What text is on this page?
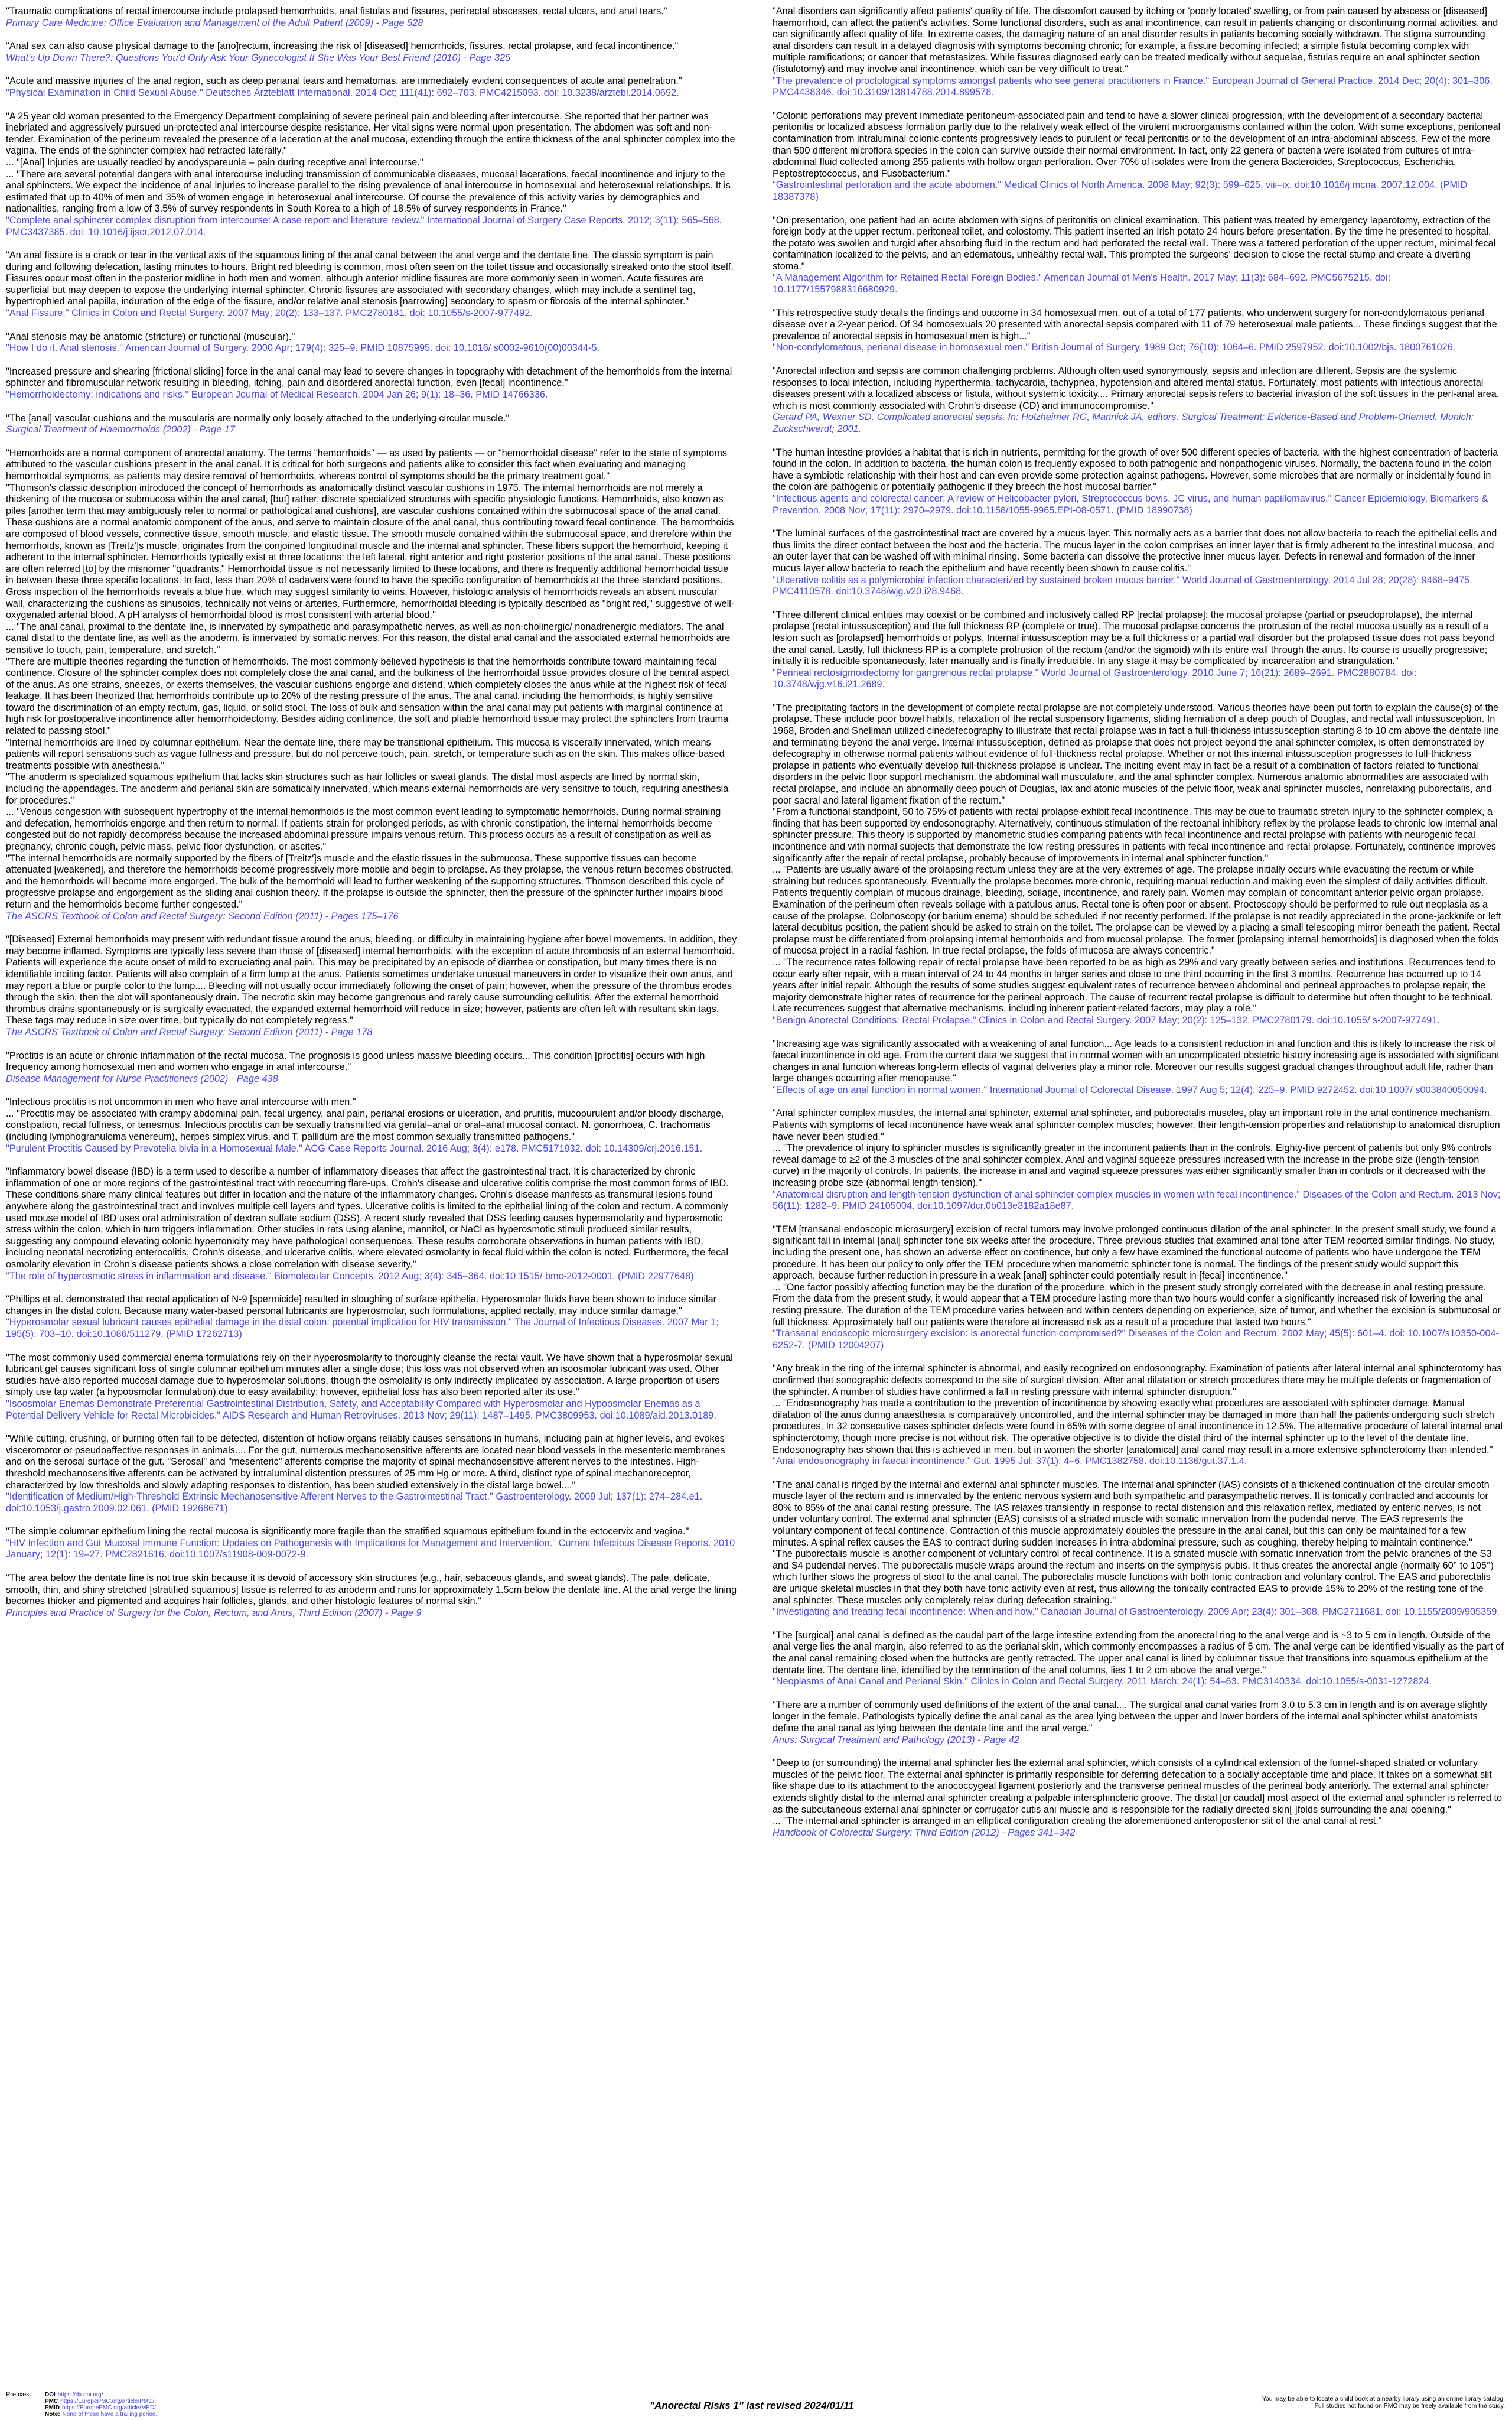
"Traumatic complications of rectal intercourse include prolapsed hemorrhoids, anal fistulas and fissures, perirectal abscesses, rectal ulcers, and anal tears."

Primary Care Medicine: Office Evaluation and Management of the Adult Patient (2009) - Page 528

"Anal sex can also cause physical damage to the [ano]rectum, increasing the risk of [diseased] hemorrhoids, fissures, rectal prolapse, and fecal incontinence."

What's Up Down There?: Questions You'd Only Ask Your Gynecologist If She Was Your Best Friend (2010) - Page 325

"Acute and massive injuries of the anal region, such as deep perianal tears and hematomas, are immediately evident consequences of acute anal penetration."

"Physical Examination in Child Sexual Abuse." Deutsches Ärzteblatt International. 2014 Oct; 111(41): 692–703. PMC4215093. doi: 10.3238/arztebl.2014.0692.

"A 25 year old woman presented to the Emergency Department complaining of severe perineal pain and bleeding after intercourse. She reported that her partner was inebriated and aggressively pursued un-protected anal intercourse despite resistance. Her vital signs were normal upon presentation. The abdomen was soft and non-tender. Examination of the perineum revealed the presence of a laceration at the anal mucosa, extending through the entire thickness of the anal sphincter complex into the vagina. The ends of the sphincter complex had retracted laterally."
... "[Anal] Injuries are usually readied by anodyspareunia – pain during receptive anal intercourse."
... "There are several potential dangers with anal intercourse including transmission of communicable diseases, mucosal lacerations, faecal incontinence and injury to the anal sphincters. We expect the incidence of anal injuries to increase parallel to the rising prevalence of anal intercourse in homosexual and heterosexual relationships. It is estimated that up to 40% of men and 35% of women engage in heterosexual anal intercourse. Of course the prevalence of this activity varies by demographics and nationalities, ranging from a low of 3.5% of survey respondents in South Korea to a high of 18.5% of survey respondents in France."

"Complete anal sphincter complex disruption from intercourse: A case report and literature review." International Journal of Surgery Case Reports. 2012; 3(11): 565–568. PMC3437385. doi: 10.1016/j.ijscr.2012.07.014.

"An anal fissure is a crack or tear in the vertical axis of the squamous lining of the anal canal between the anal verge and the dentate line. The classic symptom is pain during and following defecation, lasting minutes to hours. Bright red bleeding is common, most often seen on the toilet tissue and occasionally streaked onto the stool itself. Fissures occur most often in the posterior midline in both men and women, although anterior midline fissures are more commonly seen in women. Acute fissures are superficial but may deepen to expose the underlying internal sphincter. Chronic fissures are associated with secondary changes, which may include a sentinel tag, hypertrophied anal papilla, induration of the edge of the fissure, and/or relative anal stenosis [narrowing] secondary to spasm or fibrosis of the internal sphincter."

"Anal Fissure." Clinics in Colon and Rectal Surgery. 2007 May; 20(2): 133–137. PMC2780181. doi: 10.1055/s-2007-977492.

"Anal stenosis may be anatomic (stricture) or functional (muscular)."

"How I do it. Anal stenosis." American Journal of Surgery. 2000 Apr; 179(4): 325–9. PMID 10875995. doi: 10.1016/ s0002-9610(00)00344-5.

"Increased pressure and shearing [frictional sliding] force in the anal canal may lead to severe changes in topography with detachment of the hemorrhoids from the internal sphincter and fibromuscular network resulting in bleeding, itching, pain and disordered anorectal function, even [fecal] incontinence."

"Hemorrhoidectomy: indications and risks." European Journal of Medical Research. 2004 Jan 26; 9(1): 18–36. PMID 14766336.

"The [anal] vascular cushions and the muscularis are normally only loosely attached to the underlying circular muscle."

Surgical Treatment of Haemorrhoids (2002) - Page 17

"Hemorrhoids are a normal component of anorectal anatomy. The terms "hemorrhoids" — as used by patients — or "hemorrhoidal disease" refer to the state of symptoms attributed to the vascular cushions present in the anal canal. It is critical for both surgeons and patients alike to consider this fact when evaluating and managing hemorrhoidal symptoms, as patients may desire removal of hemorrhoids, whereas control of symptoms should be the primary treatment goal."
"Thomson's classic description introduced the concept of hemorrhoids as anatomically distinct vascular cushions in 1975. The internal hemorrhoids are not merely a thickening of the mucosa or submucosa within the anal canal, [but] rather, discrete specialized structures with specific physiologic functions. Hemorrhoids, also known as piles [another term that may ambiguously refer to normal or pathological anal cushions], are vascular cushions contained within the submucosal space of the anal canal. These cushions are a normal anatomic component of the anus, and serve to maintain closure of the anal canal, thus contributing toward fecal continence. The hemorrhoids are composed of blood vessels, connective tissue, smooth muscle, and elastic tissue. The smooth muscle contained within the submucosal space, and therefore within the hemorrhoids, known as [Treitz']s muscle, originates from the conjoined longitudinal muscle and the internal anal sphincter. These fibers support the hemorrhoid, keeping it adherent to the internal sphincter. Hemorrhoids typically exist at three locations: the left lateral, right anterior and right posterior positions of the anal canal. These positions are often referred [to] by the misnomer "quadrants." Hemorrhoidal tissue is not necessarily limited to these locations, and there is frequently additional hemorrhoidal tissue in between these three specific locations. In fact, less than 20% of cadavers were found to have the specific configuration of hemorrhoids at the three standard positions. Gross inspection of the hemorrhoids reveals a blue hue, which may suggest similarity to veins. However, histologic analysis of hemorrhoids reveals an absent muscular wall, characterizing the cushions as sinusoids, technically not veins or arteries. Furthermore, hemorrhoidal bleeding is typically described as "bright red," suggestive of well-oxygenated arterial blood. A pH analysis of hemorrhoidal blood is most consistent with arterial blood."
... "The anal canal, proximal to the dentate line, is innervated by sympathetic and parasympathetic nerves, as well as non-cholinergic/ nonadrenergic mediators. The anal canal distal to the dentate line, as well as the anoderm, is innervated by somatic nerves. For this reason, the distal anal canal and the associated external hemorrhoids are sensitive to touch, pain, temperature, and stretch."
"There are multiple theories regarding the function of hemorrhoids. The most commonly believed hypothesis is that the hemorrhoids contribute toward maintaining fecal continence. Closure of the sphincter complex does not completely close the anal canal, and the bulkiness of the hemorrhoidal tissue provides closure of the central aspect of the anus. As one strains, sneezes, or exerts themselves, the vascular cushions engorge and distend, which completely closes the anus while at the highest risk of fecal leakage. It has been theorized that hemorrhoids contribute up to 20% of the resting pressure of the anus. The anal canal, including the hemorrhoids, is highly sensitive toward the discrimination of an empty rectum, gas, liquid, or solid stool. The loss of bulk and sensation within the anal canal may put patients with marginal continence at high risk for postoperative incontinence after hemorrhoidectomy. Besides aiding continence, the soft and pliable hemorrhoid tissue may protect the sphincters from trauma related to passing stool."
"Internal hemorrhoids are lined by columnar epithelium. Near the dentate line, there may be transitional epithelium. This mucosa is viscerally innervated, which means patients will report sensations such as vague fullness and pressure, but do not perceive touch, pain, stretch, or temperature such as on the skin. This makes office-based treatments possible with anesthesia."
"The anoderm is specialized squamous epithelium that lacks skin structures such as hair follicles or sweat glands. The distal most aspects are lined by normal skin, including the appendages. The anoderm and perianal skin are somatically innervated, which means external hemorrhoids are very sensitive to touch, requiring anesthesia for procedures."
... "Venous congestion with subsequent hypertrophy of the internal hemorrhoids is the most common event leading to symptomatic hemorrhoids. During normal straining and defecation, hemorrhoids engorge and then return to normal. If patients strain for prolonged periods, as with chronic constipation, the internal hemorrhoids become congested but do not rapidly decompress because the increased abdominal pressure impairs venous return. This process occurs as a result of constipation as well as pregnancy, chronic cough, pelvic mass, pelvic floor dysfunction, or ascites."
"The internal hemorrhoids are normally supported by the fibers of [Treitz']s muscle and the elastic tissues in the submucosa. These supportive tissues can become attenuated [weakened], and therefore the hemorrhoids become progressively more mobile and begin to prolapse. As they prolapse, the venous return becomes obstructed, and the hemorrhoids will become more engorged. The bulk of the hemorrhoid will lead to further weakening of the supporting structures. Thomson described this cycle of progressive prolapse and engorgement as the sliding anal cushion theory. If the prolapse is outside the sphincter, then the pressure of the sphincter further impairs blood return and the hemorrhoids become further congested."

The ASCRS Textbook of Colon and Rectal Surgery: Second Edition (2011) - Pages 175–176

"[Diseased] External hemorrhoids may present with redundant tissue around the anus, bleeding, or difficulty in maintaining hygiene after bowel movements. In addition, they may become inflamed. Symptoms are typically less severe than those of [diseased] internal hemorrhoids, with the exception of acute thrombosis of an external hemorrhoid. Patients will experience the acute onset of mild to excruciating anal pain. This may be precipitated by an episode of diarrhea or constipation, but many times there is no identifiable inciting factor. Patients will also complain of a firm lump at the anus. Patients sometimes undertake unusual maneuvers in order to visualize their own anus, and may report a blue or purple color to the lump.... Bleeding will not usually occur immediately following the onset of pain; however, when the pressure of the thrombus erodes through the skin, then the clot will spontaneously drain. The necrotic skin may become gangrenous and rarely cause surrounding cellulitis. After the external hemorrhoid thrombus drains spontaneously or is surgically evacuated, the expanded external hemorrhoid will reduce in size; however, patients are often left with resultant skin tags. These tags may reduce in size over time, but typically do not completely regress."

The ASCRS Textbook of Colon and Rectal Surgery: Second Edition (2011) - Page 178

"Proctitis is an acute or chronic inflammation of the rectal mucosa. The prognosis is good unless massive bleeding occurs... This condition [proctitis] occurs with high frequency among homosexual men and women who engage in anal intercourse."

Disease Management for Nurse Practitioners (2002) - Page 438

"Infectious proctitis is not uncommon in men who have anal intercourse with men."
... "Proctitis may be associated with crampy abdominal pain, fecal urgency, anal pain, perianal erosions or ulceration, and pruritis, mucopurulent and/or bloody discharge, constipation, rectal fullness, or tenesmus. Infectious proctitis can be sexually transmitted via genital–anal or oral–anal mucosal contact. N. gonorrhoea, C. trachomatis (including lymphogranuloma venereum), herpes simplex virus, and T. pallidum are the most common sexually transmitted pathogens."

"Purulent Proctitis Caused by Prevotella bivia in a Homosexual Male." ACG Case Reports Journal. 2016 Aug; 3(4): e178. PMC5171932. doi: 10.14309/crj.2016.151.

"Inflammatory bowel disease (IBD) is a term used to describe a number of inflammatory diseases that affect the gastrointestinal tract. It is characterized by chronic inflammation of one or more regions of the gastrointestinal tract with reoccurring flare-ups. Crohn's disease and ulcerative colitis comprise the most common forms of IBD. These conditions share many clinical features but differ in location and the nature of the inflammatory changes. Crohn's disease manifests as transmural lesions found anywhere along the gastrointestinal tract and involves multiple cell layers and types. Ulcerative colitis is limited to the epithelial lining of the colon and rectum. A commonly used mouse model of IBD uses oral administration of dextran sulfate sodium (DSS). A recent study revealed that DSS feeding causes hyperosmolarity and hyperosmotic stress within the colon, which in turn triggers inflammation. Other studies in rats using alanine, mannitol, or NaCl as hyperosmotic stimuli produced similar results, suggesting any compound elevating colonic hypertonicity may have pathological consequences. These results corroborate observations in human patients with IBD, including neonatal necrotizing enterocolitis, Crohn's disease, and ulcerative colitis, where elevated osmolarity in fecal fluid within the colon is noted. Furthermore, the fecal osmolarity elevation in Crohn's disease patients shows a close correlation with disease severity."

"The role of hyperosmotic stress in inflammation and disease." Biomolecular Concepts. 2012 Aug; 3(4): 345–364. doi:10.1515/ bmc-2012-0001. (PMID 22977648)

"Phillips et al. demonstrated that rectal application of N-9 [spermicide] resulted in sloughing of surface epithelia. Hyperosmolar fluids have been shown to induce similar changes in the distal colon. Because many water-based personal lubricants are hyperosmolar, such formulations, applied rectally, may induce similar damage."

"Hyperosmolar sexual lubricant causes epithelial damage in the distal colon: potential implication for HIV transmission." The Journal of Infectious Diseases. 2007 Mar 1; 195(5): 703–10. doi:10.1086/511279. (PMID 17262713)

"The most commonly used commercial enema formulations rely on their hyperosmolarity to thoroughly cleanse the rectal vault. We have shown that a hyperosmolar sexual lubricant gel causes significant loss of single columnar epithelium minutes after a single dose; this loss was not observed when an isoosmolar lubricant was used. Other studies have also reported mucosal damage due to hyperosmolar solutions, though the osmolality is only indirectly implicated by association. A large proportion of users simply use tap water (a hypoosmolar formulation) due to easy availability; however, epithelial loss has also been reported after its use."

"Isoosmolar Enemas Demonstrate Preferential Gastrointestinal Distribution, Safety, and Acceptability Compared with Hyperosmolar and Hypoosmolar Enemas as a Potential Delivery Vehicle for Rectal Microbicides." AIDS Research and Human Retroviruses. 2013 Nov; 29(11): 1487–1495. PMC3809953. doi:10.1089/aid.2013.0189.

"While cutting, crushing, or burning often fail to be detected, distention of hollow organs reliably causes sensations in humans, including pain at higher levels, and evokes visceromotor or pseudoaffective responses in animals.... For the gut, numerous mechanosensitive afferents are located near blood vessels in the mesenteric membranes and on the serosal surface of the gut. "Serosal" and "mesenteric" afferents comprise the majority of spinal mechanosensitive afferent nerves to the intestines. High-threshold mechanosensitive afferents can be activated by intraluminal distention pressures of 25 mm Hg or more. A third, distinct type of spinal mechanoreceptor, characterized by low thresholds and slowly adapting responses to distention, has been studied extensively in the distal large bowel...."

"Identification of Medium/High-Threshold Extrinsic Mechanosensitive Afferent Nerves to the Gastrointestinal Tract." Gastroenterology. 2009 Jul; 137(1): 274–284.e1. doi:10.1053/j.gastro.2009.02.061. (PMID 19268671)

"The simple columnar epithelium lining the rectal mucosa is significantly more fragile than the stratified squamous epithelium found in the ectocervix and vagina."

"HIV Infection and Gut Mucosal Immune Function: Updates on Pathogenesis with Implications for Management and Intervention." Current Infectious Disease Reports. 2010 January; 12(1): 19–27. PMC2821616. doi:10.1007/s11908-009-0072-9.

"The area below the dentate line is not true skin because it is devoid of accessory skin structures (e.g., hair, sebaceous glands, and sweat glands). The pale, delicate, smooth, thin, and shiny stretched [stratified squamous] tissue is referred to as anoderm and runs for approximately 1.5cm below the dentate line. At the anal verge the lining becomes thicker and pigmented and acquires hair follicles, glands, and other histologic features of normal skin."

Principles and Practice of Surgery for the Colon, Rectum, and Anus, Third Edition (2007) - Page 9

"Anal disorders can significantly affect patients' quality of life. The discomfort caused by itching or 'poorly located' swelling, or from pain caused by abscess or [diseased] haemorrhoid, can affect the patient's activities. Some functional disorders, such as anal incontinence, can result in patients changing or discontinuing normal activities, and can significantly affect quality of life. In extreme cases, the damaging nature of an anal disorder results in patients becoming socially withdrawn. The stigma surrounding anal disorders can result in a delayed diagnosis with symptoms becoming chronic; for example, a fissure becoming infected; a simple fistula becoming complex with multiple ramifications; or cancer that metastasizes. While fissures diagnosed early can be treated medically without sequelae, fistulas require an anal sphincter section (fistulotomy) and may involve anal incontinence, which can be very difficult to treat."

"The prevalence of proctological symptoms amongst patients who see general practitioners in France." European Journal of General Practice. 2014 Dec; 20(4): 301–306. PMC4438346. doi:10.3109/13814788.2014.899578.

"Colonic perforations may prevent immediate peritoneum-associated pain and tend to have a slower clinical progression, with the development of a secondary bacterial peritonitis or localized abscess formation partly due to the relatively weak effect of the virulent microorganisms contained within the colon. With some exceptions, peritoneal contamination from intraluminal colonic contents progressively leads to purulent or fecal peritonitis or to the development of an intra-abdominal abscess. Few of the more than 500 different microflora species in the colon can survive outside their normal environment. In fact, only 22 genera of bacteria were isolated from cultures of intra-abdominal fluid collected among 255 patients with hollow organ perforation. Over 70% of isolates were from the genera Bacteroides, Streptococcus, Escherichia, Peptostreptococcus, and Fusobacterium."

"Gastrointestinal perforation and the acute abdomen." Medical Clinics of North America. 2008 May; 92(3): 599–625, viii–ix. doi:10.1016/j.mcna. 2007.12.004. (PMID 18387378)

"On presentation, one patient had an acute abdomen with signs of peritonitis on clinical examination. This patient was treated by emergency laparotomy, extraction of the foreign body at the upper rectum, peritoneal toilet, and colostomy. This patient inserted an Irish potato 24 hours before presentation. By the time he presented to hospital, the potato was swollen and turgid after absorbing fluid in the rectum and had perforated the rectal wall. There was a tattered perforation of the upper rectum, minimal fecal contamination localized to the pelvis, and an edematous, unhealthy rectal wall. This prompted the surgeons' decision to close the rectal stump and create a diverting stoma."

"A Management Algorithm for Retained Rectal Foreign Bodies." American Journal of Men's Health. 2017 May; 11(3): 684–692. PMC5675215. doi: 10.1177/1557988316680929.

"This retrospective study details the findings and outcome in 34 homosexual men, out of a total of 177 patients, who underwent surgery for non-condylomatous perianal disease over a 2-year period. Of 34 homosexuals 20 presented with anorectal sepsis compared with 11 of 79 heterosexual male patients... These findings suggest that the prevalence of anorectal sepsis in homosexual men is high..."

"Non-condylomatous, perianal disease in homosexual men." British Journal of Surgery. 1989 Oct; 76(10): 1064–6. PMID 2597952. doi:10.1002/bjs. 1800761026.

"Anorectal infection and sepsis are common challenging problems. Although often used synonymously, sepsis and infection are different. Sepsis are the systemic responses to local infection, including hyperthermia, tachycardia, tachypnea, hypotension and altered mental status. Fortunately, most patients with infectious anorectal diseases present with a localized abscess or fistula, without systemic toxicity.... Primary anorectal sepsis refers to bacterial invasion of the soft tissues in the peri-anal area, which is most commonly associated with Crohn's disease (CD) and immunocompromise."

Gerard PA, Wexner SD. Complicated anorectal sepsis. In: Holzheimer RG, Mannick JA, editors. Surgical Treatment: Evidence-Based and Problem-Oriented. Munich: Zuckschwerdt; 2001.

"The human intestine provides a habitat that is rich in nutrients, permitting for the growth of over 500 different species of bacteria, with the highest concentration of bacteria found in the colon. In addition to bacteria, the human colon is frequently exposed to both pathogenic and nonpathogenic viruses. Normally, the bacteria found in the colon have a symbiotic relationship with their host and can even provide some protection against pathogens. However, some microbes that are normally or incidentally found in the colon are pathogenic or potentially pathogenic if they breech the host mucosal barrier."

"Infectious agents and colorectal cancer: A review of Helicobacter pylori, Streptococcus bovis, JC virus, and human papillomavirus." Cancer Epidemiology, Biomarkers & Prevention. 2008 Nov; 17(11): 2970–2979. doi:10.1158/1055-9965.EPI-08-0571. (PMID 18990738)

"The luminal surfaces of the gastrointestinal tract are covered by a mucus layer. This normally acts as a barrier that does not allow bacteria to reach the epithelial cells and thus limits the direct contact between the host and the bacteria. The mucus layer in the colon comprises an inner layer that is firmly adherent to the intestinal mucosa, and an outer layer that can be washed off with minimal rinsing. Some bacteria can dissolve the protective inner mucus layer. Defects in renewal and formation of the inner mucus layer allow bacteria to reach the epithelium and have recently been shown to cause colitis."

"Ulcerative colitis as a polymicrobial infection characterized by sustained broken mucus barrier." World Journal of Gastroenterology. 2014 Jul 28; 20(28): 9468–9475. PMC4110578. doi:10.3748/wjg.v20.i28.9468.

"Three different clinical entities may coexist or be combined and inclusively called RP [rectal prolapse]: the mucosal prolapse (partial or pseudoprolapse), the internal prolapse (rectal intussusception) and the full thickness RP (complete or true). The mucosal prolapse concerns the protrusion of the rectal mucosa usually as a result of a lesion such as [prolapsed] hemorrhoids or polyps. Internal intussusception may be a full thickness or a partial wall disorder but the prolapsed tissue does not pass beyond the anal canal. Lastly, full thickness RP is a complete protrusion of the rectum (and/or the sigmoid) with its entire wall through the anus. Its course is usually progressive; initially it is reducible spontaneously, later manually and is finally irreducible. In any stage it may be complicated by incarceration and strangulation."

"Perineal rectosigmoidectomy for gangrenous rectal prolapse." World Journal of Gastroenterology. 2010 June 7; 16(21): 2689–2691. PMC2880784. doi: 10.3748/wjg.v16.i21.2689.

"The precipitating factors in the development of complete rectal prolapse are not completely understood. Various theories have been put forth to explain the cause(s) of the prolapse. These include poor bowel habits, relaxation of the rectal suspensory ligaments, sliding herniation of a deep pouch of Douglas, and rectal wall intussusception. In 1968, Broden and Snellman utilized cinedefecography to illustrate that rectal prolapse was in fact a full-thickness intussusception starting 8 to 10 cm above the dentate line and terminating beyond the anal verge. Internal intussusception, defined as prolapse that does not project beyond the anal sphincter complex, is often demonstrated by defecography in otherwise normal patients without evidence of full-thickness rectal prolapse. Whether or not this internal intussusception progresses to full-thickness prolapse in patients who eventually develop full-thickness prolapse is unclear. The inciting event may in fact be a result of a combination of factors related to functional disorders in the pelvic floor support mechanism, the abdominal wall musculature, and the anal sphincter complex. Numerous anatomic abnormalities are associated with rectal prolapse, and include an abnormally deep pouch of Douglas, lax and atonic muscles of the pelvic floor, weak anal sphincter muscles, nonrelaxing puborectalis, and poor sacral and lateral ligament fixation of the rectum."
"From a functional standpoint, 50 to 75% of patients with rectal prolapse exhibit fecal incontinence. This may be due to traumatic stretch injury to the sphincter complex, a finding that has been supported by endosonography. Alternatively, continuous stimulation of the rectoanal inhibitory reflex by the prolapse leads to chronic low internal anal sphincter pressure. This theory is supported by manometric studies comparing patients with fecal incontinence and rectal prolapse with patients with neurogenic fecal incontinence and with normal subjects that demonstrate the low resting pressures in patients with fecal incontinence and rectal prolapse. Fortunately, continence improves significantly after the repair of rectal prolapse, probably because of improvements in internal anal sphincter function."
... "Patients are usually aware of the prolapsing rectum unless they are at the very extremes of age. The prolapse initially occurs while evacuating the rectum or while straining but reduces spontaneously. Eventually the prolapse becomes more chronic, requiring manual reduction and making even the simplest of daily activities difficult. Patients frequently complain of mucous drainage, bleeding, soilage, incontinence, and rarely pain. Women may complain of concomitant anterior pelvic organ prolapse. Examination of the perineum often reveals soilage with a patulous anus. Rectal tone is often poor or absent. Proctoscopy should be performed to rule out neoplasia as a cause of the prolapse. Colonoscopy (or barium enema) should be scheduled if not recently performed. If the prolapse is not readily appreciated in the prone-jackknife or left lateral decubitus position, the patient should be asked to strain on the toilet. The prolapse can be viewed by a placing a small telescoping mirror beneath the patient. Rectal prolapse must be differentiated from prolapsing internal hemorrhoids and from mucosal prolapse. The former [prolapsing internal hemorrhoids] is diagnosed when the folds of mucosa project in a radial fashion. In true rectal prolapse, the folds of mucosa are always concentric."
... "The recurrence rates following repair of rectal prolapse have been reported to be as high as 29% and vary greatly between series and institutions. Recurrences tend to occur early after repair, with a mean interval of 24 to 44 months in larger series and close to one third occurring in the first 3 months. Recurrence has occurred up to 14 years after initial repair. Although the results of some studies suggest equivalent rates of recurrence between abdominal and perineal approaches to prolapse repair, the majority demonstrate higher rates of recurrence for the perineal approach. The cause of recurrent rectal prolapse is difficult to determine but often thought to be technical. Late recurrences suggest that alternative mechanisms, including inherent patient-related factors, may play a role."

"Benign Anorectal Conditions: Rectal Prolapse." Clinics in Colon and Rectal Surgery. 2007 May; 20(2): 125–132. PMC2780179. doi:10.1055/ s-2007-977491.

"Increasing age was significantly associated with a weakening of anal function... Age leads to a consistent reduction in anal function and this is likely to increase the risk of faecal incontinence in old age. From the current data we suggest that in normal women with an uncomplicated obstetric history increasing age is associated with significant changes in anal function whereas long-term effects of vaginal deliveries play a minor role. Moreover our results suggest gradual changes throughout adult life, rather than large changes occurring after menopause."

"Effects of age on anal function in normal women." International Journal of Colorectal Disease. 1997 Aug 5; 12(4): 225–9. PMID 9272452. doi:10.1007/ s003840050094.

"Anal sphincter complex muscles, the internal anal sphincter, external anal sphincter, and puborectalis muscles, play an important role in the anal continence mechanism. Patients with symptoms of fecal incontinence have weak anal sphincter complex muscles; however, their length-tension properties and relationship to anatomical disruption have never been studied."
... "The prevalence of injury to sphincter muscles is significantly greater in the incontinent patients than in the controls. Eighty-five percent of patients but only 9% controls reveal damage to ≥2 of the 3 muscles of the anal sphincter complex. Anal and vaginal squeeze pressures increased with the increase in the probe size (length-tension curve) in the majority of controls. In patients, the increase in anal and vaginal squeeze pressures was either significantly smaller than in controls or it decreased with the increasing probe size (abnormal length-tension)."

"Anatomical disruption and length-tension dysfunction of anal sphincter complex muscles in women with fecal incontinence." Diseases of the Colon and Rectum. 2013 Nov; 56(11): 1282–9. PMID 24105004. doi:10.1097/dcr.0b013e3182a18e87.

"TEM [transanal endoscopic microsurgery] excision of rectal tumors may involve prolonged continuous dilation of the anal sphincter. In the present small study, we found a significant fall in internal [anal] sphincter tone six weeks after the procedure. Three previous studies that examined anal tone after TEM reported similar findings. No study, including the present one, has shown an adverse effect on continence, but only a few have examined the functional outcome of patients who have undergone the TEM procedure. It has been our policy to only offer the TEM procedure when manometric sphincter tone is normal. The findings of the present study would support this approach, because further reduction in pressure in a weak [anal] sphincter could potentially result in [fecal] incontinence."
... "One factor possibly affecting function may be the duration of the procedure, which in the present study strongly correlated with the decrease in anal resting pressure. From the data from the present study, it would appear that a TEM procedure lasting more than two hours would confer a significantly increased risk of lowering the anal resting pressure. The duration of the TEM procedure varies between and within centers depending on experience, size of tumor, and whether the excision is submucosal or full thickness. Approximately half our patients were therefore at increased risk as a result of a procedure that lasted two hours."

"Transanal endoscopic microsurgery excision: is anorectal function compromised?" Diseases of the Colon and Rectum. 2002 May; 45(5): 601–4. doi: 10.1007/s10350-004-6252-7. (PMID 12004207)

"Any break in the ring of the internal sphincter is abnormal, and easily recognized on endosonography. Examination of patients after lateral internal anal sphincterotomy has confirmed that sonographic defects correspond to the site of surgical division. After anal dilatation or stretch procedures there may be multiple defects or fragmentation of the sphincter. A number of studies have confirmed a fall in resting pressure with internal sphincter disruption."
... "Endosonography has made a contribution to the prevention of incontinence by showing exactly what procedures are associated with sphincter damage. Manual dilatation of the anus during anaesthesia is comparatively uncontrolled, and the internal sphincter may be damaged in more than half the patients undergoing such stretch procedures. In 32 consecutive cases sphincter defects were found in 65% with some degree of anal incontinence in 12.5%. The alternative procedure of lateral internal anal sphincterotomy, though more precise is not without risk. The operative objective is to divide the distal third of the internal sphincter up to the level of the dentate line. Endosonography has shown that this is achieved in men, but in women the shorter [anatomical] anal canal may result in a more extensive sphincterotomy than intended."

"Anal endosonography in faecal incontinence." Gut. 1995 Jul; 37(1): 4–6. PMC1382758. doi:10.1136/gut.37.1.4.

"The anal canal is ringed by the internal and external anal sphincter muscles. The internal anal sphincter (IAS) consists of a thickened continuation of the circular smooth muscle layer of the rectum and is innervated by the enteric nervous system and both sympathetic and parasympathetic nerves. It is tonically contracted and accounts for 80% to 85% of the anal canal resting pressure. The IAS relaxes transiently in response to rectal distension and this relaxation reflex, mediated by enteric nerves, is not under voluntary control. The external anal sphincter (EAS) consists of a striated muscle with somatic innervation from the pudendal nerve. The EAS represents the voluntary component of fecal continence. Contraction of this muscle approximately doubles the pressure in the anal canal, but this can only be maintained for a few minutes. A spinal reflex causes the EAS to contract during sudden increases in intra-abdominal pressure, such as coughing, thereby helping to maintain continence."
"The puborectalis muscle is another component of voluntary control of fecal continence. It is a striated muscle with somatic innervation from the pelvic branches of the S3 and S4 pudendal nerves. The puborectalis muscle wraps around the rectum and inserts on the symphysis pubis. It thus creates the anorectal angle (normally 60° to 105°) which further slows the progress of stool to the anal canal. The puborectalis muscle functions with both tonic contraction and voluntary control. The EAS and puborectalis are unique skeletal muscles in that they both have tonic activity even at rest, thus allowing the tonically contracted EAS to provide 15% to 20% of the resting tone of the anal sphincter. These muscles only completely relax during defecation straining."

"Investigating and treating fecal incontinence: When and how." Canadian Journal of Gastroenterology. 2009 Apr; 23(4): 301–308. PMC2711681. doi: 10.1155/2009/905359.

"The [surgical] anal canal is defined as the caudal part of the large intestine extending from the anorectal ring to the anal verge and is ~3 to 5 cm in length. Outside of the anal verge lies the anal margin, also referred to as the perianal skin, which commonly encompasses a radius of 5 cm. The anal verge can be identified visually as the part of the anal canal remaining closed when the buttocks are gently retracted. The upper anal canal is lined by columnar tissue that transitions into squamous epithelium at the dentate line. The dentate line, identified by the termination of the anal columns, lies 1 to 2 cm above the anal verge."

"Neoplasms of Anal Canal and Perianal Skin." Clinics in Colon and Rectal Surgery. 2011 March; 24(1): 54–63. PMC3140334. doi:10.1055/s-0031-1272824.

"There are a number of commonly used definitions of the extent of the anal canal.... The surgical anal canal varies from 3.0 to 5.3 cm in length and is on average slightly longer in the female. Pathologists typically define the anal canal as the area lying between the upper and lower borders of the internal anal sphincter whilst anatomists define the anal canal as lying between the dentate line and the anal verge."

Anus: Surgical Treatment and Pathology (2013) - Page 42

"Deep to (or surrounding) the internal anal sphincter lies the external anal sphincter, which consists of a cylindrical extension of the funnel-shaped striated or voluntary muscles of the pelvic floor. The external anal sphincter is primarily responsible for deferring defecation to a socially acceptable time and place. It takes on a somewhat slit like shape due to its attachment to the anococcygeal ligament posteriorly and the transverse perineal muscles of the perineal body anteriorly. The external anal sphincter extends slightly distal to the internal anal sphincter creating a palpable intersphincteric groove. The distal [or caudal] most aspect of the external anal sphincter is referred to as the subcutaneous external anal sphincter or corrugator cutis ani muscle and is responsible for the radially directed skin[ ]folds surrounding the anal opening."
... "The internal anal sphincter is arranged in an elliptical configuration creating the aforementioned anteroposterior slit of the anal canal at rest."

Handbook of Colorectal Surgery: Third Edition (2012) - Pages 341–342

Prefixes:	DOI https://dx.doi.org/
PMC https://EuropePMC.org/article/PMC/
PMID https://EuropePMC.org/article/MED/
Note: None of these have a trailing period.
"Anorectal Risks 1" last revised 2024/01/11
You may be able to locate a child book at a nearby library using an online library catalog.
Full studies not found on PMC may be freely available from the study.
